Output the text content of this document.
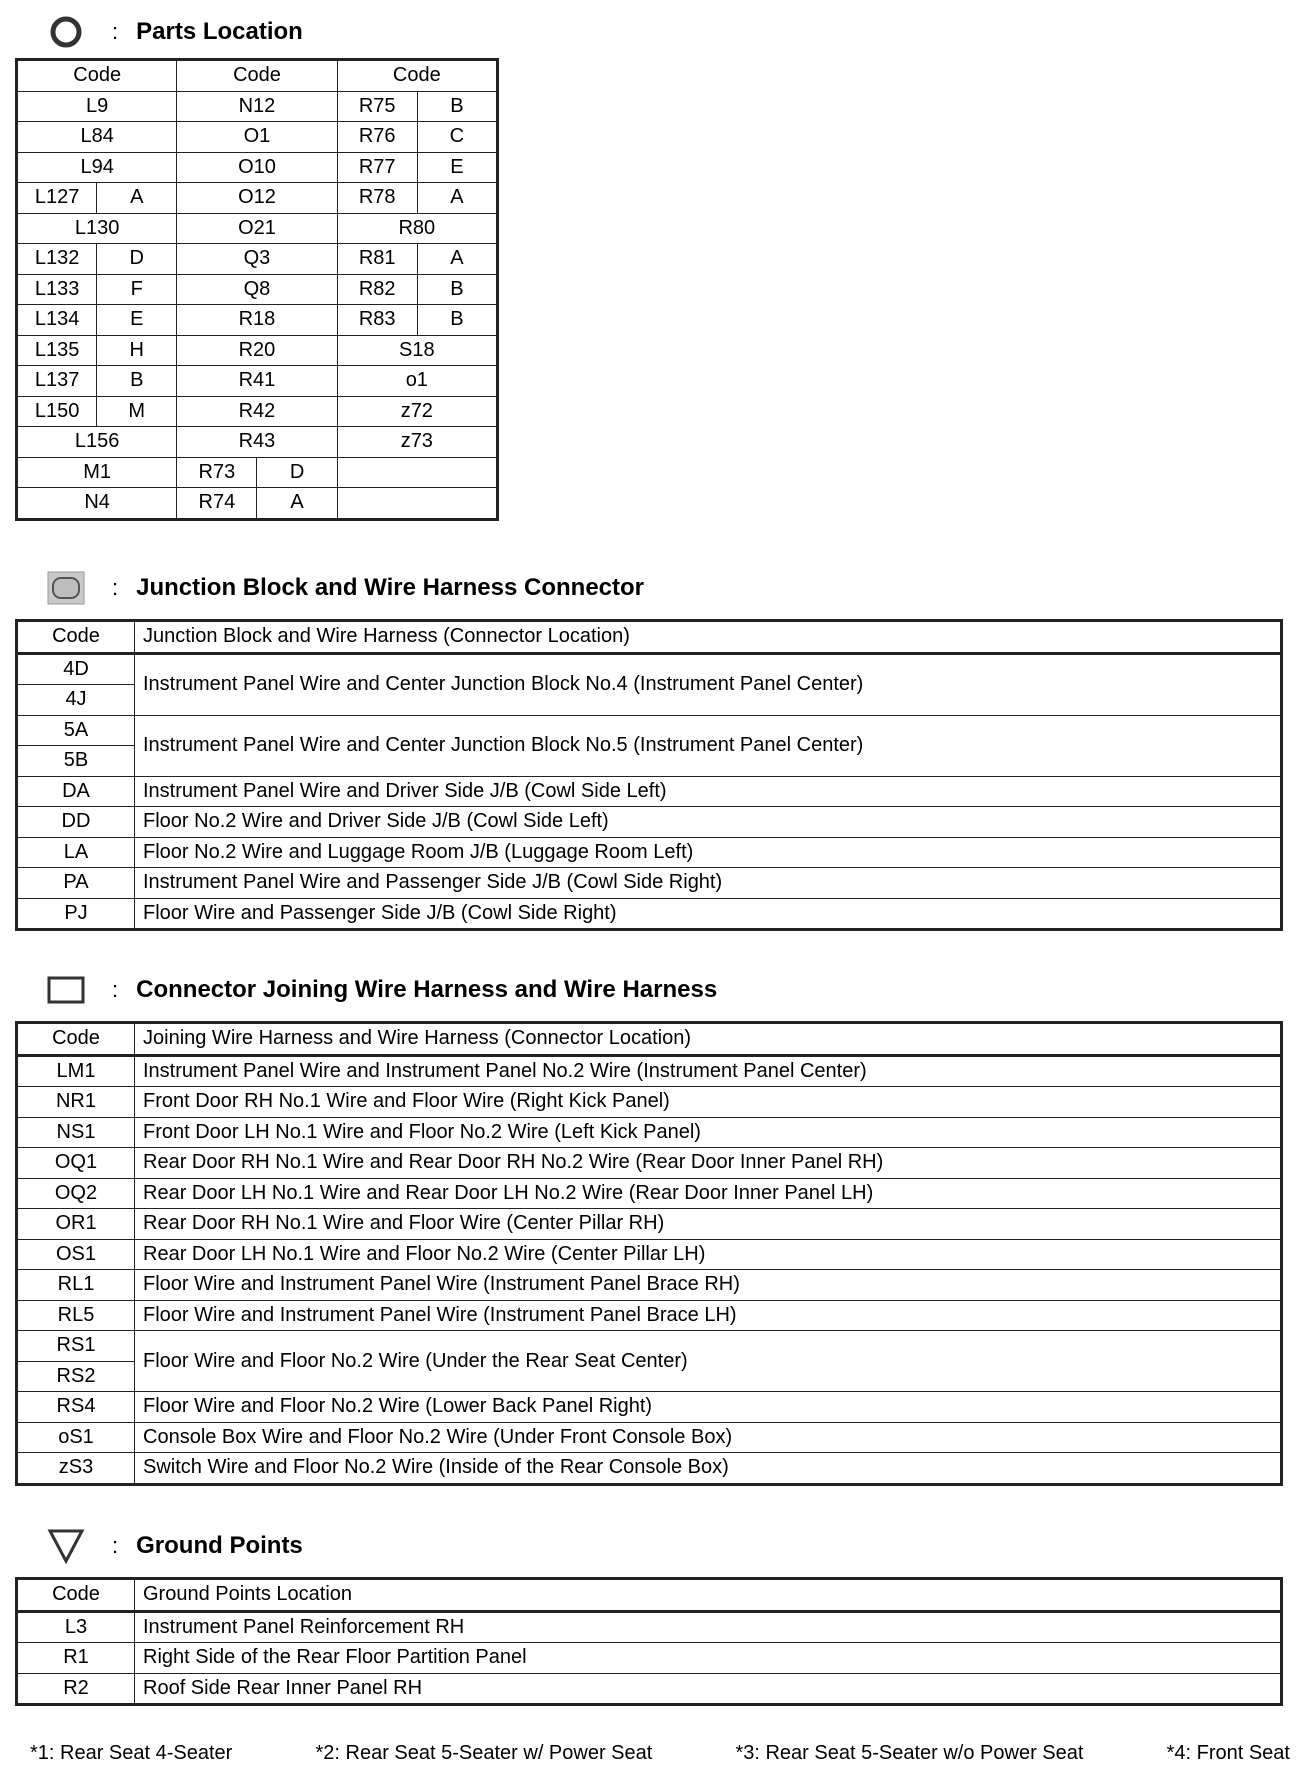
: Parts Location
Code		Code		Code	
L9		N12		R75	B
L84		O1		R76	C
L94		O10		R77	E
L127	A	O12		R78	A
L130		O21		R80	
L132	D	Q3		R81	A
L133	F	Q8		R82	B
L134	E	R18		R83	B
L135	H	R20		S18	
L137	B	R41		o1	
L150	M	R42		z72	
L156		R43		z73	
M1		R73	D		
N4		R74	A		
: Junction Block and Wire Harness Connector
Code	Junction Block and Wire Harness (Connector Location)
4D	Instrument Panel Wire and Center Junction Block No.4 (Instrument Panel Center)
4J	
5A	Instrument Panel Wire and Center Junction Block No.5 (Instrument Panel Center)
5B	
DA	Instrument Panel Wire and Driver Side J/B (Cowl Side Left)
DD	Floor No.2 Wire and Driver Side J/B (Cowl Side Left)
LA	Floor No.2 Wire and Luggage Room J/B (Luggage Room Left)
PA	Instrument Panel Wire and Passenger Side J/B (Cowl Side Right)
PJ	Floor Wire and Passenger Side J/B (Cowl Side Right)
: Connector Joining Wire Harness and Wire Harness
Code	Joining Wire Harness and Wire Harness (Connector Location)
LM1	Instrument Panel Wire and Instrument Panel No.2 Wire (Instrument Panel Center)
NR1	Front Door RH No.1 Wire and Floor Wire (Right Kick Panel)
NS1	Front Door LH No.1 Wire and Floor No.2 Wire (Left Kick Panel)
OQ1	Rear Door RH No.1 Wire and Rear Door RH No.2 Wire (Rear Door Inner Panel RH)
OQ2	Rear Door LH No.1 Wire and Rear Door LH No.2 Wire (Rear Door Inner Panel LH)
OR1	Rear Door RH No.1 Wire and Floor Wire (Center Pillar RH)
OS1	Rear Door LH No.1 Wire and Floor No.2 Wire (Center Pillar LH)
RL1	Floor Wire and Instrument Panel Wire (Instrument Panel Brace RH)
RL5	Floor Wire and Instrument Panel Wire (Instrument Panel Brace LH)
RS1	Floor Wire and Floor No.2 Wire (Under the Rear Seat Center)
RS2	
RS4	Floor Wire and Floor No.2 Wire (Lower Back Panel Right)
oS1	Console Box Wire and Floor No.2 Wire (Under Front Console Box)
zS3	Switch Wire and Floor No.2 Wire (Inside of the Rear Console Box)
: Ground Points
Code	Ground Points Location
L3	Instrument Panel Reinforcement RH
R1	Right Side of the Rear Floor Partition Panel
R2	Roof Side Rear Inner Panel RH
*1: Rear Seat 4-Seater	*2: Rear Seat 5-Seater w/ Power Seat	*3: Rear Seat 5-Seater w/o Power Seat	*4: Front Seat
